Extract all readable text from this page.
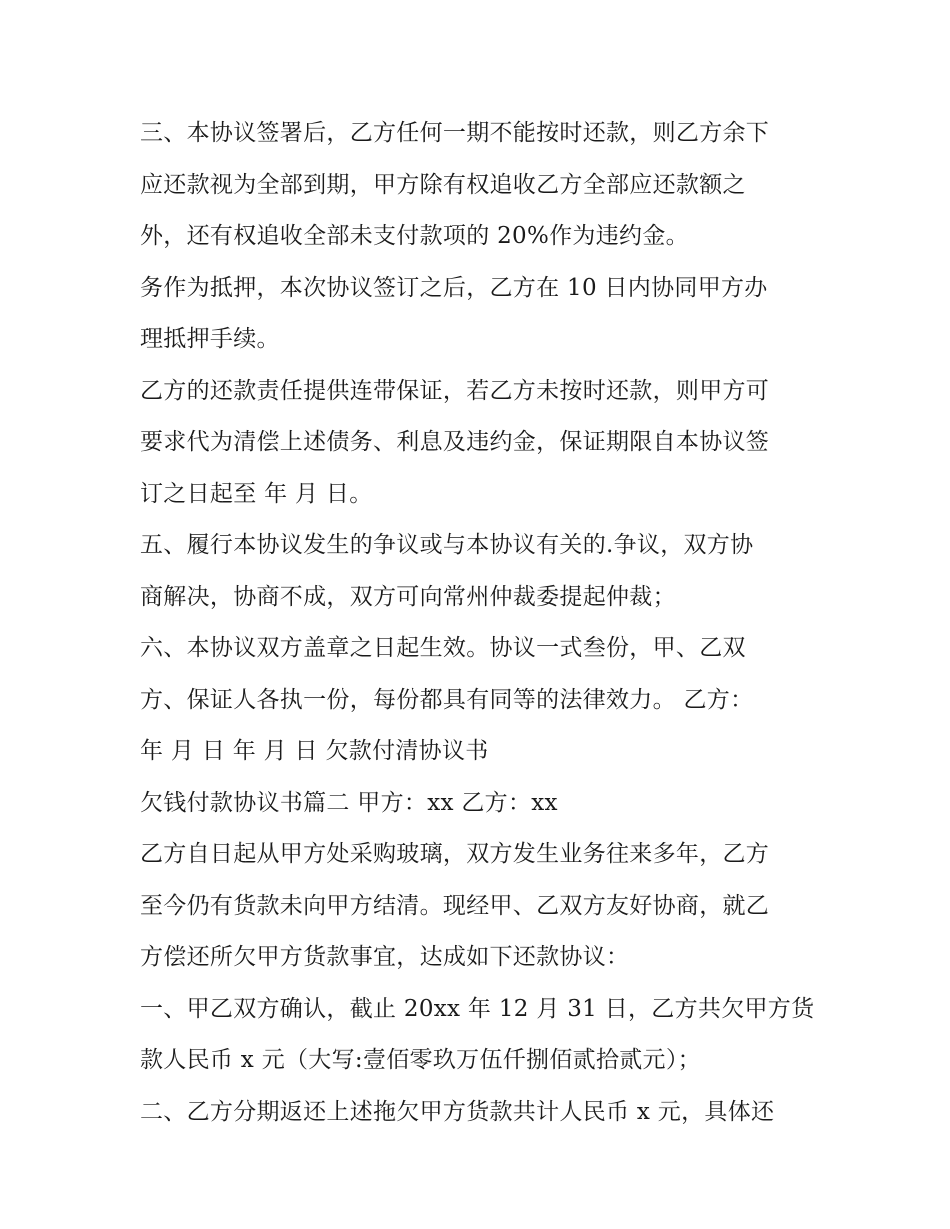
三、本协议签署后，乙方任何一期不能按时还款，则乙方余下
应还款视为全部到期，甲方除有权追收乙方全部应还款额之
外，还有权追收全部未支付款项的 20%作为违约金。
务作为抵押，本次协议签订之后，乙方在 10 日内协同甲方办
理抵押手续。
乙方的还款责任提供连带保证，若乙方未按时还款，则甲方可
要求代为清偿上述债务、利息及违约金，保证期限自本协议签
订之日起至 年 月 日。
五、履行本协议发生的争议或与本协议有关的.争议，双方协
商解决，协商不成，双方可向常州仲裁委提起仲裁；
六、本协议双方盖章之日起生效。协议一式叁份，甲、乙双
方、保证人各执一份，每份都具有同等的法律效力。 乙方：
年 月 日 年 月 日 欠款付清协议书
欠钱付款协议书篇二 甲方：xx 乙方：xx
乙方自日起从甲方处采购玻璃，双方发生业务往来多年，乙方
至今仍有货款未向甲方结清。现经甲、乙双方友好协商，就乙
方偿还所欠甲方货款事宜，达成如下还款协议：
一、甲乙双方确认，截止 20xx 年 12 月 31 日，乙方共欠甲方货
款人民币 x 元（大写:壹佰零玖万伍仟捌佰贰拾贰元）；
二、乙方分期返还上述拖欠甲方货款共计人民币 x 元，具体还
